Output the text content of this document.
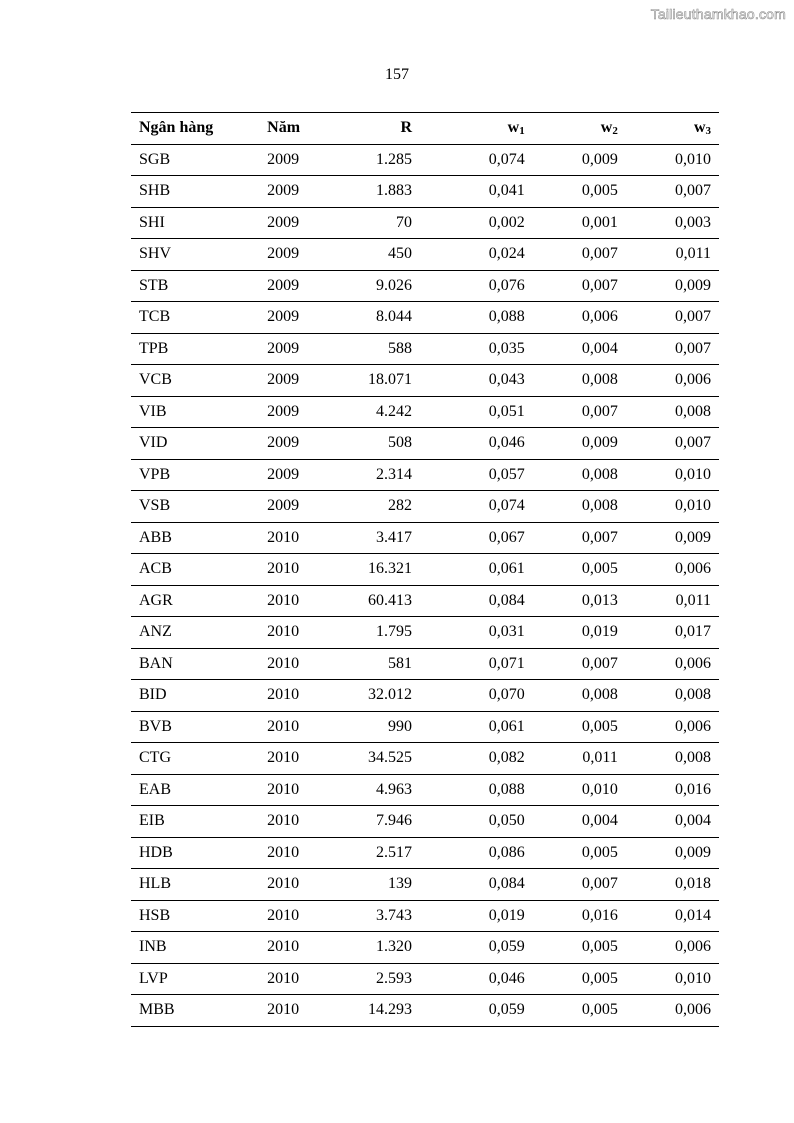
Tailieuthamkhao.com
157
Ngân hàng	Năm	R	$w_1$	$w_2$	$w_3$
SGB	2009	1.285	0,074	0,009	0,010
SHB	2009	1.883	0,041	0,005	0,007
SHI	2009	70	0,002	0,001	0,003
SHV	2009	450	0,024	0,007	0,011
STB	2009	9.026	0,076	0,007	0,009
TCB	2009	8.044	0,088	0,006	0,007
TPB	2009	588	0,035	0,004	0,007
VCB	2009	18.071	0,043	0,008	0,006
VIB	2009	4.242	0,051	0,007	0,008
VID	2009	508	0,046	0,009	0,007
VPB	2009	2.314	0,057	0,008	0,010
VSB	2009	282	0,074	0,008	0,010
ABB	2010	3.417	0,067	0,007	0,009
ACB	2010	16.321	0,061	0,005	0,006
AGR	2010	60.413	0,084	0,013	0,011
ANZ	2010	1.795	0,031	0,019	0,017
BAN	2010	581	0,071	0,007	0,006
BID	2010	32.012	0,070	0,008	0,008
BVB	2010	990	0,061	0,005	0,006
CTG	2010	34.525	0,082	0,011	0,008
EAB	2010	4.963	0,088	0,010	0,016
EIB	2010	7.946	0,050	0,004	0,004
HDB	2010	2.517	0,086	0,005	0,009
HLB	2010	139	0,084	0,007	0,018
HSB	2010	3.743	0,019	0,016	0,014
INB	2010	1.320	0,059	0,005	0,006
LVP	2010	2.593	0,046	0,005	0,010
MBB	2010	14.293	0,059	0,005	0,006
